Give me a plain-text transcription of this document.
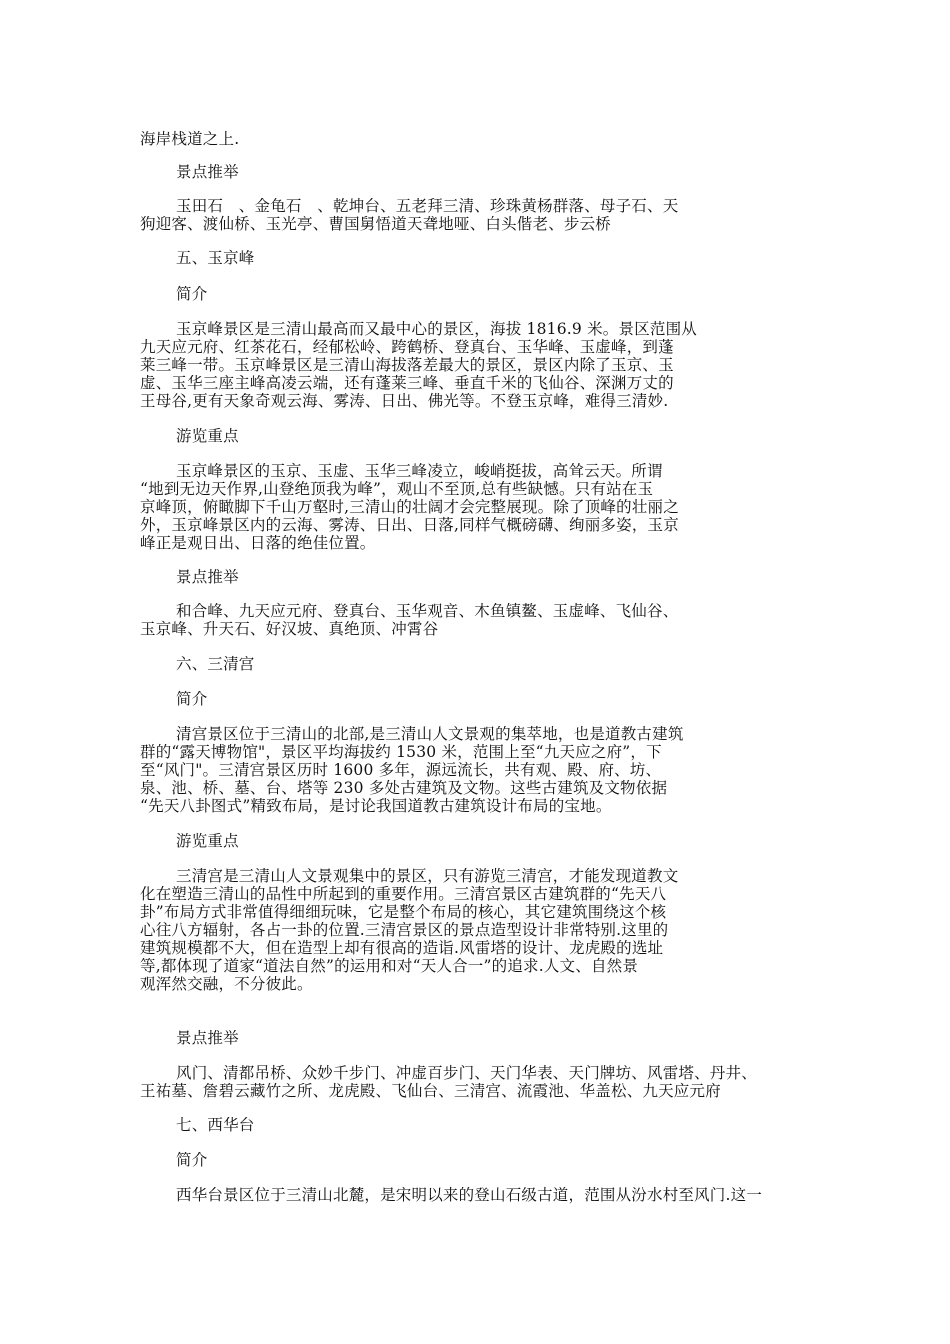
海岸栈道之上.
景点推举
玉田石　、金龟石　、乾坤台、五老拜三清、珍珠黄杨群落、母子石、天
狗迎客、渡仙桥、玉光亭、曹国舅悟道天聋地哑、白头偕老、步云桥
五、玉京峰
简介
玉京峰景区是三清山最高而又最中心的景区，海拔 1816.9 米。景区范围从
九天应元府、红茶花石，经郁松岭、跨鹤桥、登真台、玉华峰、玉虚峰，到蓬
莱三峰一带。玉京峰景区是三清山海拔落差最大的景区，景区内除了玉京、玉
虚、玉华三座主峰高凌云端，还有蓬莱三峰、垂直千米的飞仙谷、深渊万丈的
王母谷,更有天象奇观云海、雾涛、日出、佛光等。不登玉京峰，难得三清妙.
游览重点
玉京峰景区的玉京、玉虚、玉华三峰凌立，峻峭挺拔，高耸云天。所谓
“地到无边天作界,山登绝顶我为峰”，观山不至顶,总有些缺憾。只有站在玉
京峰顶，俯瞰脚下千山万壑时,三清山的壮阔才会完整展现。除了顶峰的壮丽之
外，玉京峰景区内的云海、雾涛、日出、日落,同样气概磅礴、绚丽多姿，玉京
峰正是观日出、日落的绝佳位置。
景点推举
和合峰、九天应元府、登真台、玉华观音、木鱼镇鳌、玉虚峰、飞仙谷、
玉京峰、升天石、好汉坡、真绝顶、冲霄谷
六、三清宫
简介
清宫景区位于三清山的北部,是三清山人文景观的集萃地，也是道教古建筑
群的“露天博物馆"，景区平均海拔约 1530 米，范围上至“九天应之府”，下
至“风门"。三清宫景区历时 1600 多年，源远流长，共有观、殿、府、坊、
泉、池、桥、墓、台、塔等 230 多处古建筑及文物。这些古建筑及文物依据
“先天八卦图式”精致布局，是讨论我国道教古建筑设计布局的宝地。
游览重点
三清宫是三清山人文景观集中的景区，只有游览三清宫，才能发现道教文
化在塑造三清山的品性中所起到的重要作用。三清宫景区古建筑群的“先天八
卦”布局方式非常值得细细玩味，它是整个布局的核心，其它建筑围绕这个核
心往八方辐射，各占一卦的位置.三清宫景区的景点造型设计非常特别.这里的
建筑规模都不大，但在造型上却有很高的造诣.风雷塔的设计、龙虎殿的选址
等,都体现了道家“道法自然”的运用和对“天人合一”的追求.人文、自然景
观浑然交融，不分彼此。
景点推举
风门、清都吊桥、众妙千步门、冲虚百步门、天门华表、天门牌坊、风雷塔、丹井、
王祐墓、詹碧云藏竹之所、龙虎殿、飞仙台、三清宫、流霞池、华盖松、九天应元府
七、西华台
简介
西华台景区位于三清山北麓，是宋明以来的登山石级古道，范围从汾水村至风门.这一
